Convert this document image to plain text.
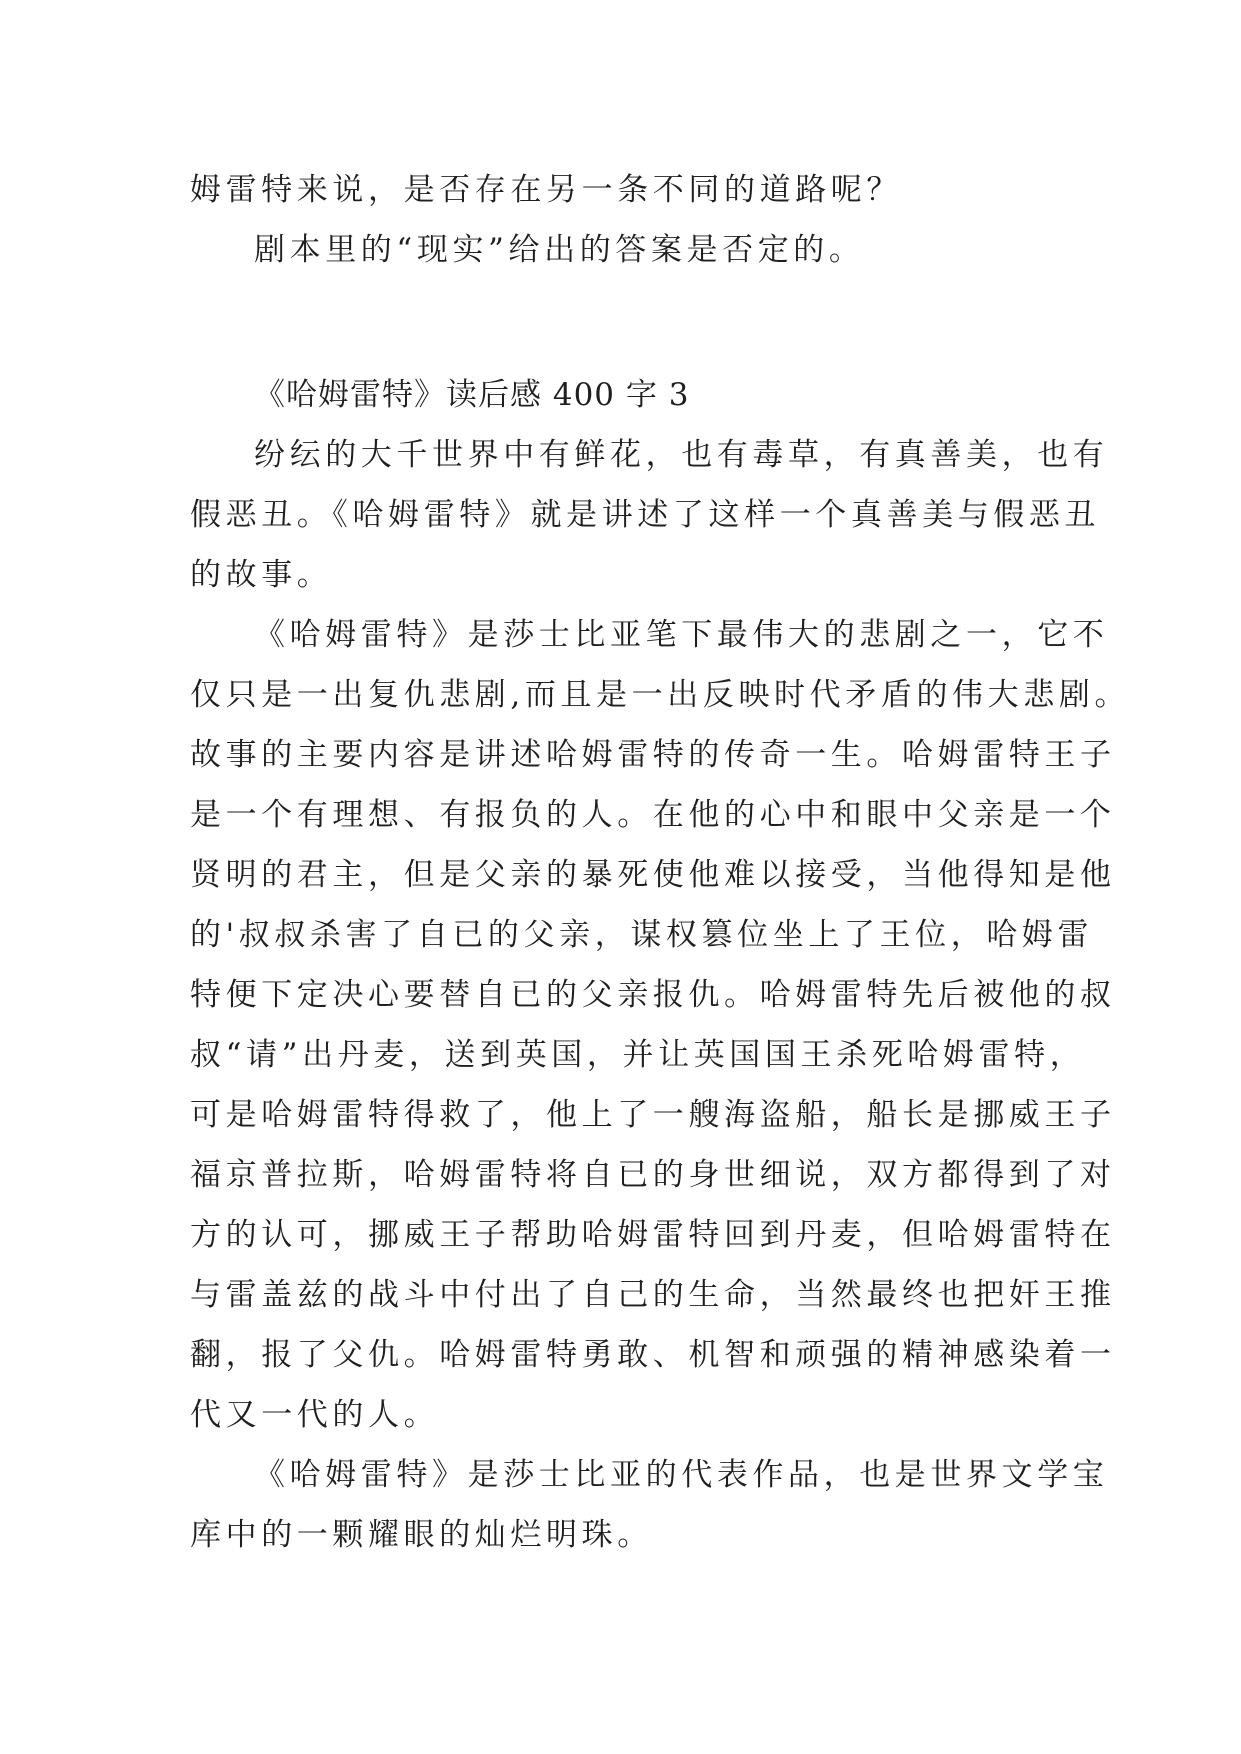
姆雷特来说，是否存在另一条不同的道路呢？
剧本里的“现实”给出的答案是否定的。

《哈姆雷特》读后感 400 字 3

纷纭的大千世界中有鲜花，也有毒草，有真善美，也有
假恶丑。《哈姆雷特》就是讲述了这样一个真善美与假恶丑
的故事。

《哈姆雷特》是莎士比亚笔下最伟大的悲剧之一，它不
仅只是一出复仇悲剧,而且是一出反映时代矛盾的伟大悲剧。
故事的主要内容是讲述哈姆雷特的传奇一生。哈姆雷特王子
是一个有理想、有报负的人。在他的心中和眼中父亲是一个
贤明的君主，但是父亲的暴死使他难以接受，当他得知是他
的'叔叔杀害了自已的父亲，谋权篡位坐上了王位，哈姆雷
特便下定决心要替自已的父亲报仇。哈姆雷特先后被他的叔
叔“请”出丹麦，送到英国，并让英国国王杀死哈姆雷特，
可是哈姆雷特得救了，他上了一艘海盗船，船长是挪威王子
福京普拉斯，哈姆雷特将自已的身世细说，双方都得到了对
方的认可，挪威王子帮助哈姆雷特回到丹麦，但哈姆雷特在
与雷盖兹的战斗中付出了自己的生命，当然最终也把奸王推
翻，报了父仇。哈姆雷特勇敢、机智和顽强的精神感染着一
代又一代的人。

《哈姆雷特》是莎士比亚的代表作品，也是世界文学宝
库中的一颗耀眼的灿烂明珠。
